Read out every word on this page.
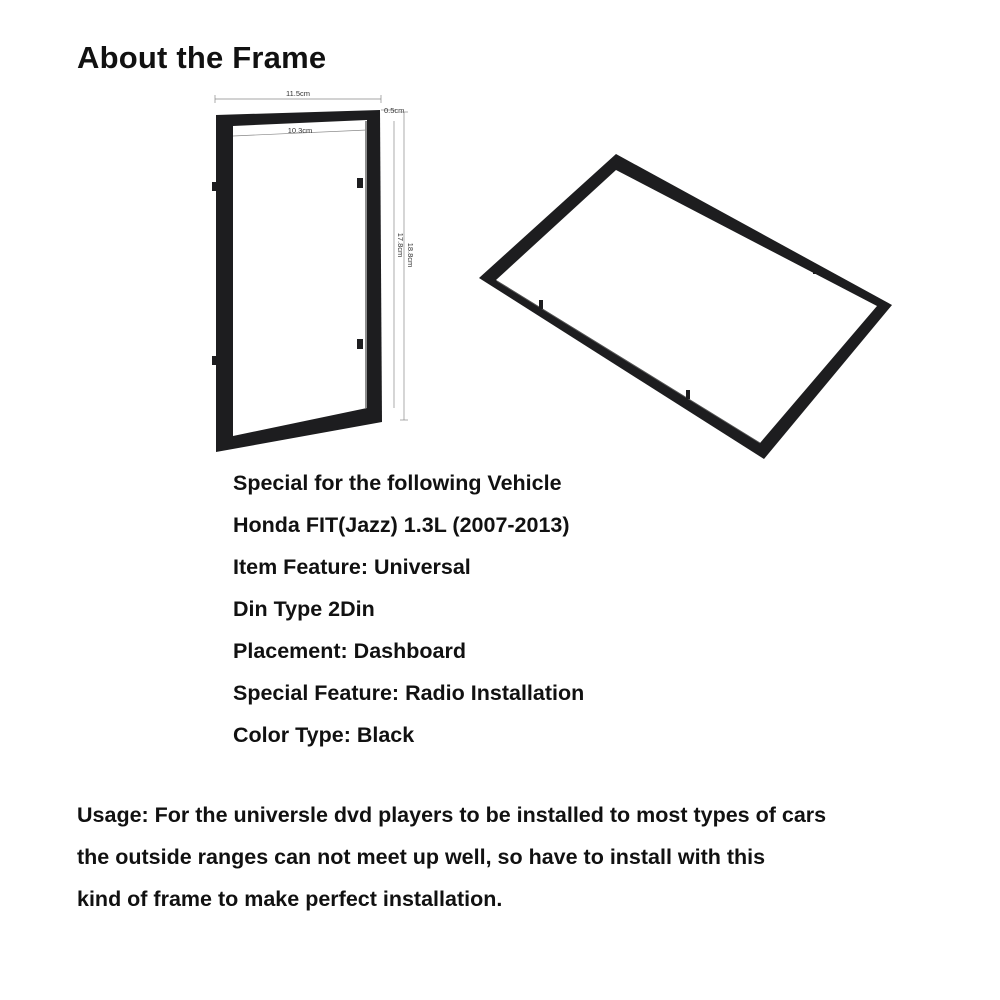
About the Frame
11.5cm
10.3cm
0.5cm
17.8cm 18.8cm
Special for the following Vehicle
Honda FIT(Jazz) 1.3L (2007-2013)
Item Feature: Universal
Din Type 2Din
Placement: Dashboard
Special Feature: Radio Installation
Color Type: Black
Usage: For the universle dvd players to be installed to most types of cars
the outside ranges can not meet up well, so have to install with this
kind of frame to make perfect installation.
